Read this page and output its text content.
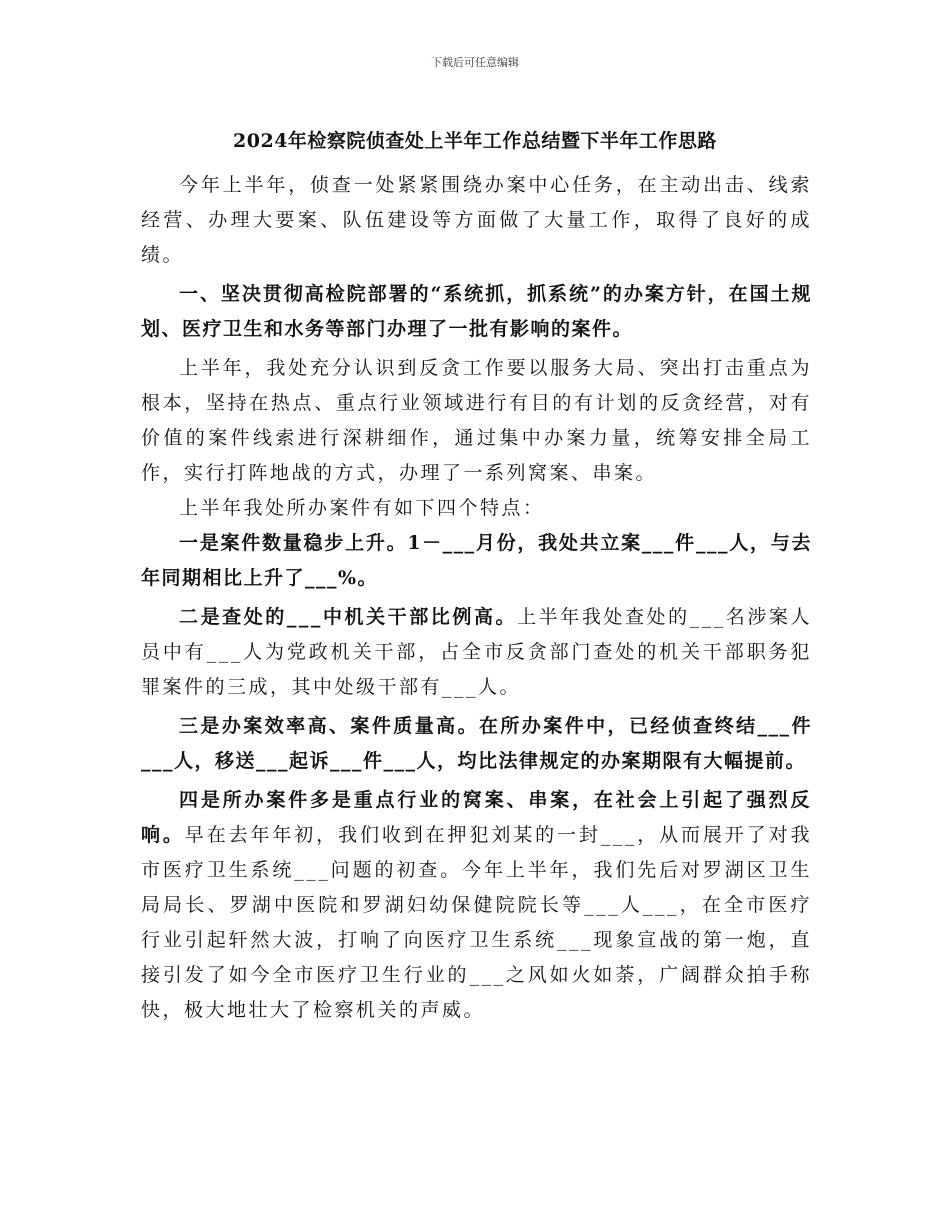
下载后可任意编辑
2024年检察院侦查处上半年工作总结暨下半年工作思路

今年上半年，侦查一处紧紧围绕办案中心任务，在主动出击、线索经营、办理大要案、队伍建设等方面做了大量工作，取得了良好的成绩。

一、坚决贯彻高检院部署的“系统抓，抓系统”的办案方针，在国土规划、医疗卫生和水务等部门办理了一批有影响的案件。

上半年，我处充分认识到反贪工作要以服务大局、突出打击重点为根本，坚持在热点、重点行业领域进行有目的有计划的反贪经营，对有价值的案件线索进行深耕细作，通过集中办案力量，统筹安排全局工作，实行打阵地战的方式，办理了一系列窝案、串案。

上半年我处所办案件有如下四个特点：

一是案件数量稳步上升。1－___月份，我处共立案___件___人，与去年同期相比上升了___%。

二是查处的___中机关干部比例高。上半年我处查处的___名涉案人员中有___人为党政机关干部，占全市反贪部门查处的机关干部职务犯罪案件的三成，其中处级干部有___人。

三是办案效率高、案件质量高。在所办案件中，已经侦查终结___件___人，移送___起诉___件___人，均比法律规定的办案期限有大幅提前。

四是所办案件多是重点行业的窝案、串案，在社会上引起了强烈反响。早在去年年初，我们收到在押犯刘某的一封___，从而展开了对我市医疗卫生系统___问题的初查。今年上半年，我们先后对罗湖区卫生局局长、罗湖中医院和罗湖妇幼保健院院长等___人___，在全市医疗行业引起轩然大波，打响了向医疗卫生系统___现象宣战的第一炮，直接引发了如今全市医疗卫生行业的___之风如火如荼，广阔群众拍手称快，极大地壮大了检察机关的声威。
